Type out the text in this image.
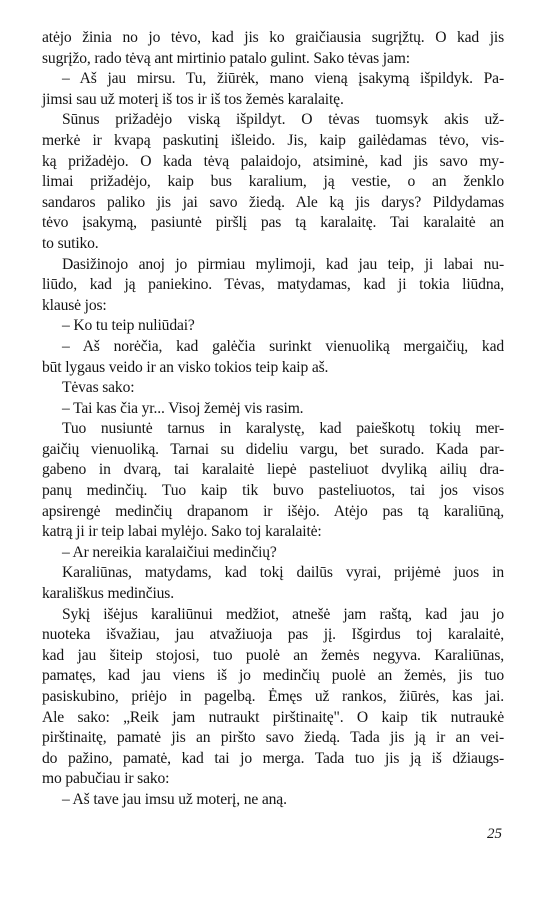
atėjo žinia no jo tėvo, kad jis ko graičiausia sugrįžtų. O kad jis
sugrįžo, rado tėvą ant mirtinio patalo gulint. Sako tėvas jam:
– Aš jau mirsu. Tu, žiūrėk, mano vieną įsakymą išpildyk. Pa-
jimsi sau už moterį iš tos ir iš tos žemės karalaitę.
Sūnus prižadėjo viską išpildyt. O tėvas tuomsyk akis už-
merkė ir kvapą paskutinį išleido. Jis, kaip gailėdamas tėvo, vis-
ką prižadėjo. O kada tėvą palaidojo, atsiminė, kad jis savo my-
limai prižadėjo, kaip bus karalium, ją vestie, o an ženklo
sandaros paliko jis jai savo žiedą. Ale ką jis darys? Pildydamas
tėvo įsakymą, pasiuntė piršlį pas tą karalaitę. Tai karalaitė an
to sutiko.
Dasižinojo anoj jo pirmiau mylimoji, kad jau teip, ji labai nu-
liūdo, kad ją paniekino. Tėvas, matydamas, kad ji tokia liūdna,
klausė jos:
– Ko tu teip nuliūdai?
– Aš norėčia, kad galėčia surinkt vienuoliką mergaičių, kad
būt lygaus veido ir an visko tokios teip kaip aš.
Tėvas sako:
– Tai kas čia yr... Visoj žemėj vis rasim.
Tuo nusiuntė tarnus in karalystę, kad paieškotų tokių mer-
gaičių vienuoliką. Tarnai su dideliu vargu, bet surado. Kada par-
gabeno in dvarą, tai karalaitė liepė pasteliuot dvyliką ailių dra-
panų medinčių. Tuo kaip tik buvo pasteliuotos, tai jos visos
apsirengė medinčių drapanom ir išėjo. Atėjo pas tą karaliūną,
katrą ji ir teip labai mylėjo. Sako toj karalaitė:
– Ar nereikia karalaičiui medinčių?
Karaliūnas, matydams, kad tokį dailūs vyrai, prijėmė juos in
karališkus medinčius.
Sykį išėjus karaliūnui medžiot, atnešė jam raštą, kad jau jo
nuoteka išvažiau, jau atvažiuoja pas jį. Išgirdus toj karalaitė,
kad jau šiteip stojosi, tuo puolė an žemės negyva. Karaliūnas,
pamatęs, kad jau viens iš jo medinčių puolė an žemės, jis tuo
pasiskubino, priėjo in pagelbą. Ėmęs už rankos, žiūrės, kas jai.
Ale sako: „Reik jam nutraukt pirštinaitę". O kaip tik nutraukė
pirštinaitę, pamatė jis an piršto savo žiedą. Tada jis ją ir an vei-
do pažino, pamatė, kad tai jo merga. Tada tuo jis ją iš džiaugs-
mo pabučiau ir sako:
– Aš tave jau imsu už moterį, ne aną.
25
